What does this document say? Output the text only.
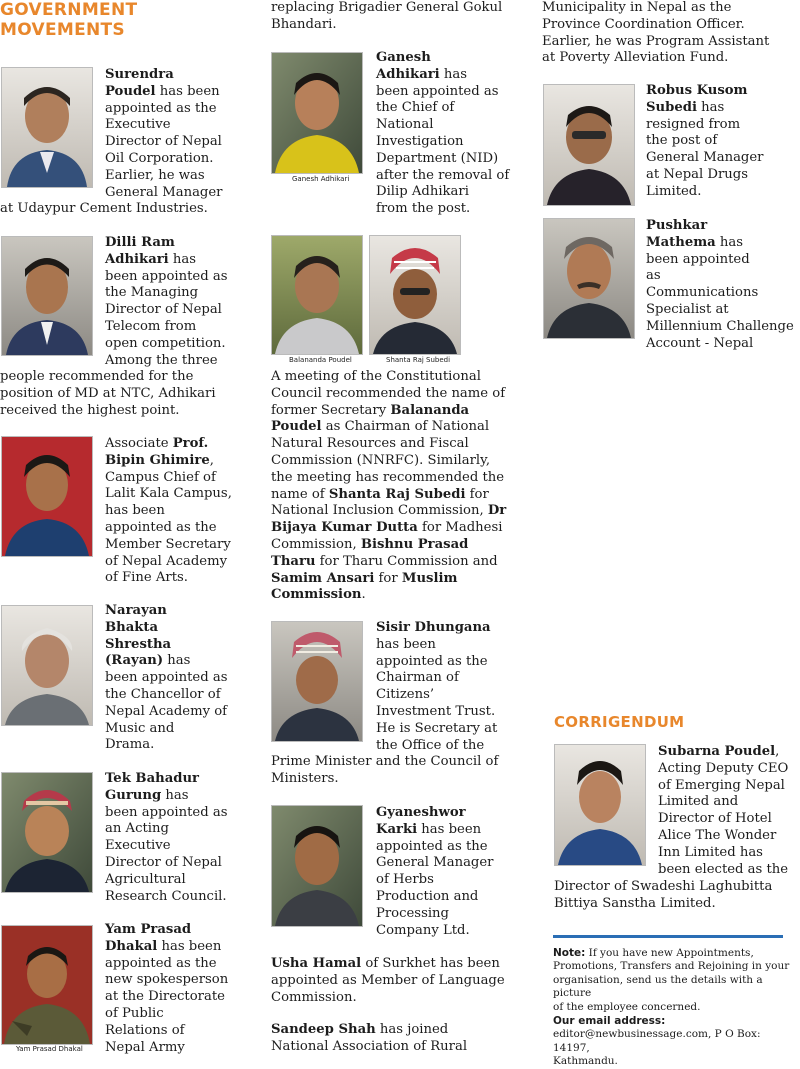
GOVERNMENT
MOVEMENTS
Surendra
Poudel has been
appointed as the
Executive
Director of Nepal
Oil Corporation.
Earlier, he was
General Manager
at Udaypur Cement Industries.
Dilli Ram
Adhikari has
been appointed as
the Managing
Director of Nepal
Telecom from
open competition.
Among the three
people recommended for the
position of MD at NTC, Adhikari
received the highest point.
Associate Prof.
Bipin Ghimire,
Campus Chief of
Lalit Kala Campus,
has been
appointed as the
Member Secretary
of Nepal Academy
of Fine Arts.
Narayan
Bhakta
Shrestha
(Rayan) has
been appointed as
the Chancellor of
Nepal Academy of
Music and
Drama.
Tek Bahadur
Gurung has
been appointed as
an Acting
Executive
Director of Nepal
Agricultural
Research Council.
Yam Prasad Dhakal
Yam Prasad
Dhakal has been
appointed as the
new spokesperson
at the Directorate
of Public
Relations of
Nepal Army
replacing Brigadier General Gokul
Bhandari.
Ganesh Adhikari
Ganesh
Adhikari has
been appointed as
the Chief of
National
Investigation
Department (NID)
after the removal of
Dilip Adhikari
from the post.
Balananda Poudel	Shanta Raj Subedi
A meeting of the Constitutional
Council recommended the name of
former Secretary Balananda
Poudel as Chairman of National
Natural Resources and Fiscal
Commission (NNRFC). Similarly,
the meeting has recommended the
name of Shanta Raj Subedi for
National Inclusion Commission, Dr
Bijaya Kumar Dutta for Madhesi
Commission, Bishnu Prasad
Tharu for Tharu Commission and
Samim Ansari for Muslim
Commission.
Sisir Dhungana
has been
appointed as the
Chairman of
Citizens’
Investment Trust.
He is Secretary at
the Office of the
Prime Minister and the Council of
Ministers.
Gyaneshwor
Karki has been
appointed as the
General Manager
of Herbs
Production and
Processing
Company Ltd.
Usha Hamal of Surkhet has been
appointed as Member of Language
Commission.
Sandeep Shah has joined
National Association of Rural
Municipality in Nepal as the
Province Coordination Officer.
Earlier, he was Program Assistant
at Poverty Alleviation Fund.
Robus Kusom
Subedi has
resigned from
the post of
General Manager
at Nepal Drugs
Limited.
Pushkar
Mathema has
been appointed
as
Communications
Specialist at
Millennium Challenge
Account - Nepal
CORRIGENDUM
Subarna Poudel,
Acting Deputy CEO
of Emerging Nepal
Limited and
Director of Hotel
Alice The Wonder
Inn Limited has
been elected as the
Director of Swadeshi Laghubitta
Bittiya Sanstha Limited.
Note: If you have new Appointments,
Promotions, Transfers and Rejoining in your
organisation, send us the details with a picture
of the employee concerned.
Our email address:
editor@newbusinessage.com, P O Box: 14197,
Kathmandu.
